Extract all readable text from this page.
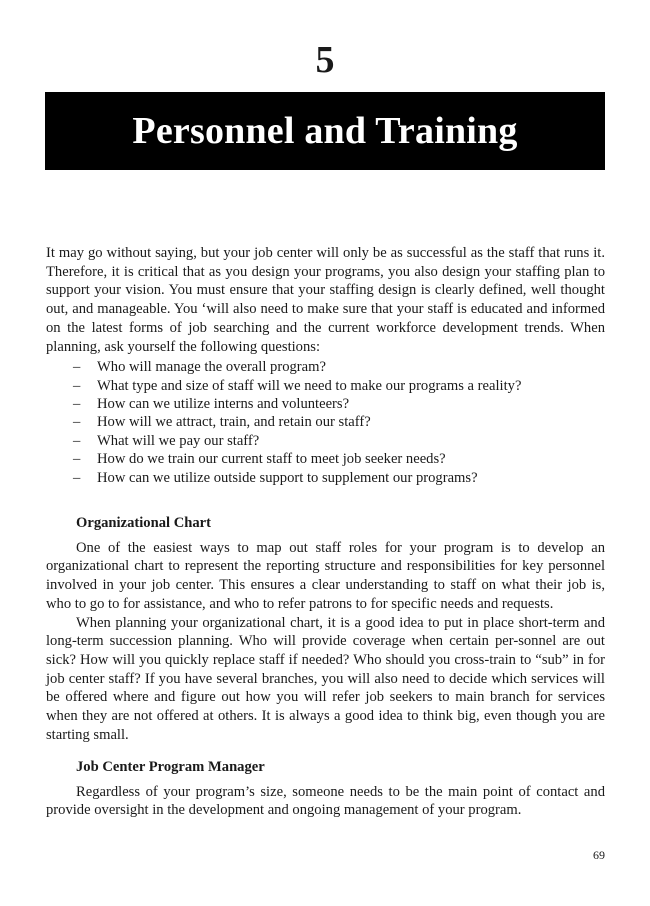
5
Personnel and Training

It may go without saying, but your job center will only be as successful as the staff that runs it. Therefore, it is critical that as you design your programs, you also design your staffing plan to support your vision. You must ensure that your staffing design is clearly defined, well thought out, and manageable. You ‘will also need to make sure that your staff is educated and informed on the latest forms of job searching and the current workforce development trends. When planning, ask yourself the following questions:

– Who will manage the overall program?
– What type and size of staff will we need to make our programs a reality?
– How can we utilize interns and volunteers?
– How will we attract, train, and retain our staff?
– What will we pay our staff?
– How do we train our current staff to meet job seeker needs?
– How can we utilize outside support to supplement our programs?
Organizational Chart

One of the easiest ways to map out staff roles for your program is to develop an organizational chart to represent the reporting structure and responsibilities for key personnel involved in your job center. This ensures a clear understanding to staff on what their job is, who to go to for assistance, and who to refer patrons to for specific needs and requests.

When planning your organizational chart, it is a good idea to put in place short-term and long-term succession planning. Who will provide coverage when certain per-sonnel are out sick? How will you quickly replace staff if needed? Who should you cross-train to “sub” in for job center staff? If you have several branches, you will also need to decide which services will be offered where and figure out how you will refer job seekers to main branch for services when they are not offered at others. It is always a good idea to think big, even though you are starting small.

Job Center Program Manager

Regardless of your program’s size, someone needs to be the main point of contact and provide oversight in the development and ongoing management of your program.

69
